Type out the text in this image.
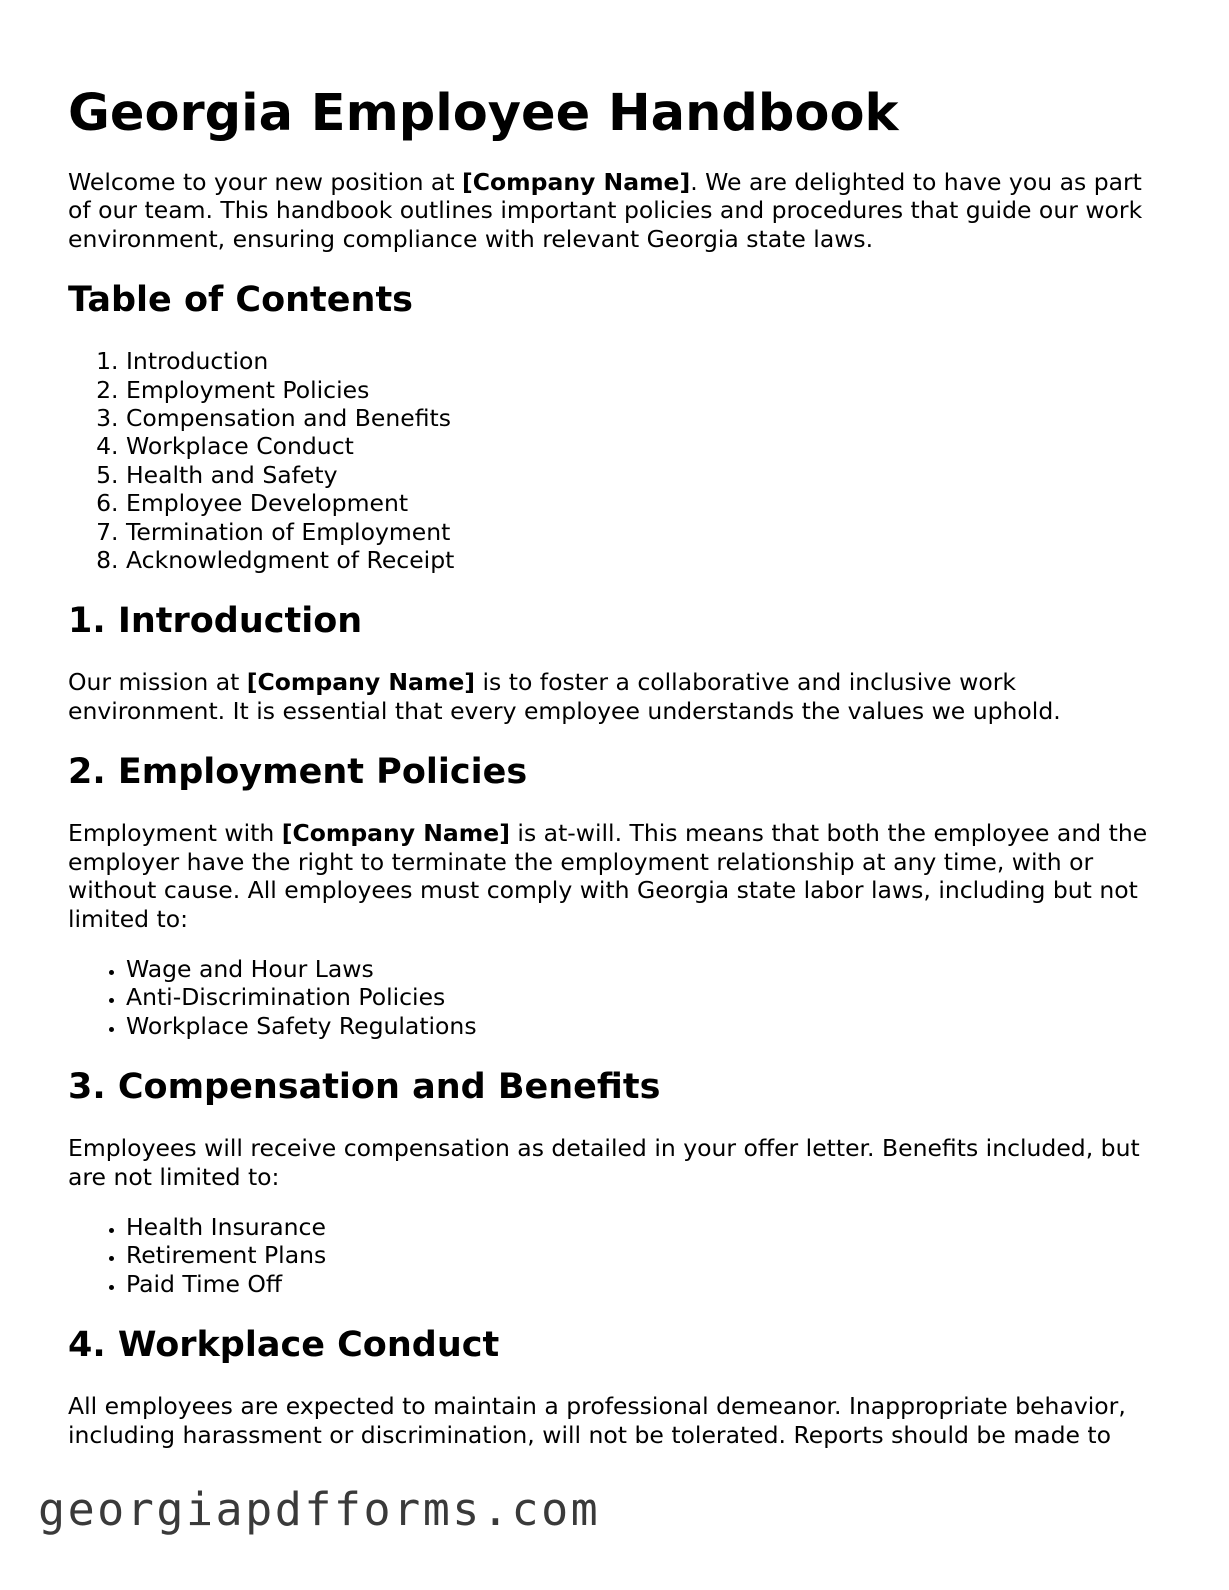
Georgia Employee Handbook

Welcome to your new position at [Company Name]. We are delighted to have you as part of our team. This handbook outlines important policies and procedures that guide our work environment, ensuring compliance with relevant Georgia state laws.

Table of Contents
1. Introduction
2. Employment Policies
3. Compensation and Benefits
4. Workplace Conduct
5. Health and Safety
6. Employee Development
7. Termination of Employment
8. Acknowledgment of Receipt
1. Introduction

Our mission at [Company Name] is to foster a collaborative and inclusive work environment. It is essential that every employee understands the values we uphold.

2. Employment Policies

Employment with [Company Name] is at-will. This means that both the employee and the employer have the right to terminate the employment relationship at any time, with or without cause. All employees must comply with Georgia state labor laws, including but not limited to:

• Wage and Hour Laws
• Anti-Discrimination Policies
• Workplace Safety Regulations
3. Compensation and Benefits

Employees will receive compensation as detailed in your offer letter. Benefits included, but are not limited to:

• Health Insurance
• Retirement Plans
• Paid Time Off
4. Workplace Conduct

All employees are expected to maintain a professional demeanor. Inappropriate behavior, including harassment or discrimination, will not be tolerated. Reports should be made to

georgiapdfforms.com
